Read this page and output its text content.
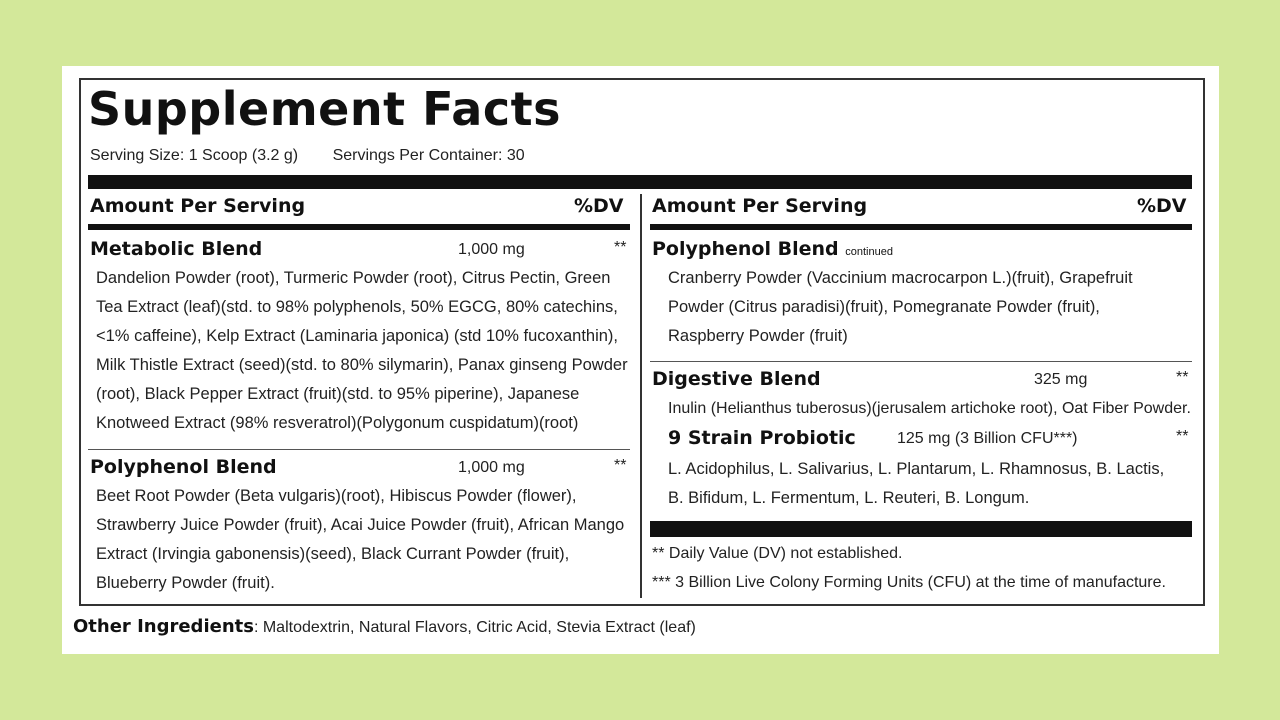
Supplement Facts
Serving Size: 1 Scoop (3.2 g) Servings Per Container: 30
Amount Per Serving	%DV Amount Per Serving	%DV
Metabolic Blend	1,000 mg	**
Dandelion Powder (root), Turmeric Powder (root), Citrus Pectin, Green
Tea Extract (leaf)(std. to 98% polyphenols, 50% EGCG, 80% catechins,
<1% caffeine), Kelp Extract (Laminaria japonica) (std 10% fucoxanthin),
Milk Thistle Extract (seed)(std. to 80% silymarin), Panax ginseng Powder
(root), Black Pepper Extract (fruit)(std. to 95% piperine), Japanese
Knotweed Extract (98% resveratrol)(Polygonum cuspidatum)(root)
Polyphenol Blend	1,000 mg	**
Beet Root Powder (Beta vulgaris)(root), Hibiscus Powder (flower),
Strawberry Juice Powder (fruit), Acai Juice Powder (fruit), African Mango
Extract (Irvingia gabonensis)(seed), Black Currant Powder (fruit),
Blueberry Powder (fruit).
Polyphenol Blend continued
Cranberry Powder (Vaccinium macrocarpon L.)(fruit), Grapefruit
Powder (Citrus paradisi)(fruit), Pomegranate Powder (fruit),
Raspberry Powder (fruit)
Digestive Blend	325 mg	**
Inulin (Helianthus tuberosus)(jerusalem artichoke root), Oat Fiber Powder.
9 Strain Probiotic	125 mg (3 Billion CFU***)	**
L. Acidophilus, L. Salivarius, L. Plantarum, L. Rhamnosus, B. Lactis,
B. Bifidum, L. Fermentum, L. Reuteri, B. Longum.
** Daily Value (DV) not established.
*** 3 Billion Live Colony Forming Units (CFU) at the time of manufacture.
Other Ingredients: Maltodextrin, Natural Flavors, Citric Acid, Stevia Extract (leaf)
